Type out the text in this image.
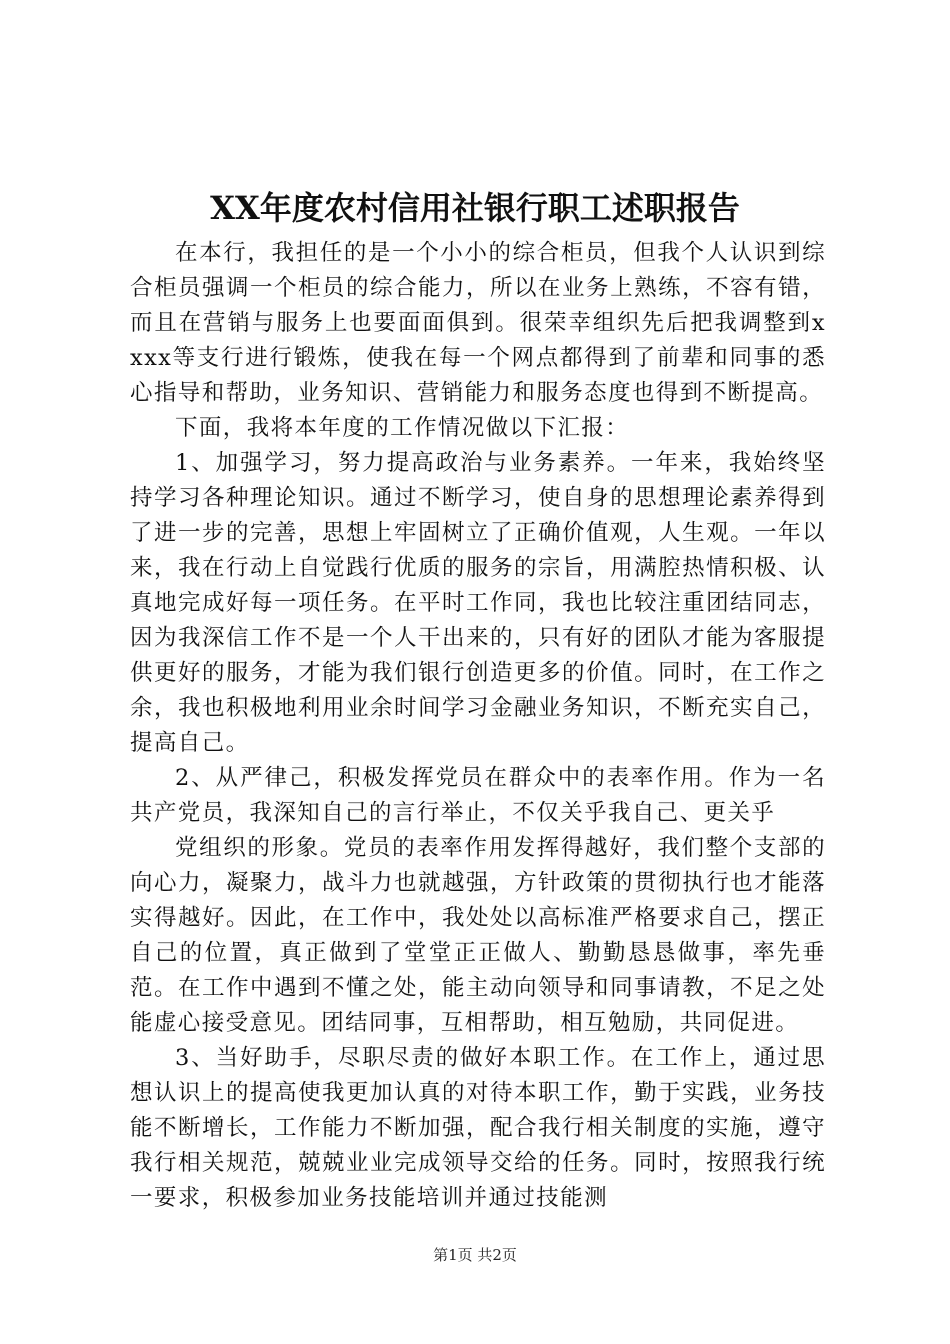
XX年度农村信用社银行职工述职报告

在本行，我担任的是一个小小的综合柜员，但我个人认识到综合柜员强调一个柜员的综合能力，所以在业务上熟练，不容有错，而且在营销与服务上也要面面俱到。很荣幸组织先后把我调整到xxxx等支行进行锻炼，使我在每一个网点都得到了前辈和同事的悉心指导和帮助，业务知识、营销能力和服务态度也得到不断提高。

下面，我将本年度的工作情况做以下汇报：

1、加强学习，努力提高政治与业务素养。一年来，我始终坚持学习各种理论知识。通过不断学习，使自身的思想理论素养得到了进一步的完善，思想上牢固树立了正确价值观，人生观。一年以来，我在行动上自觉践行优质的服务的宗旨，用满腔热情积极、认真地完成好每一项任务。在平时工作同，我也比较注重团结同志，因为我深信工作不是一个人干出来的，只有好的团队才能为客服提供更好的服务，才能为我们银行创造更多的价值。同时，在工作之余，我也积极地利用业余时间学习金融业务知识，不断充实自己，提高自己。

2、从严律己，积极发挥党员在群众中的表率作用。作为一名共产党员，我深知自己的言行举止，不仅关乎我自己、更关乎

党组织的形象。党员的表率作用发挥得越好，我们整个支部的向心力，凝聚力，战斗力也就越强，方针政策的贯彻执行也才能落实得越好。因此，在工作中，我处处以高标准严格要求自己，摆正自己的位置，真正做到了堂堂正正做人、勤勤恳恳做事，率先垂范。在工作中遇到不懂之处，能主动向领导和同事请教，不足之处能虚心接受意见。团结同事，互相帮助，相互勉励，共同促进。

3、当好助手，尽职尽责的做好本职工作。在工作上，通过思想认识上的提高使我更加认真的对待本职工作，勤于实践，业务技能不断增长，工作能力不断加强，配合我行相关制度的实施，遵守我行相关规范，兢兢业业完成领导交给的任务。同时，按照我行统一要求，积极参加业务技能培训并通过技能测

第1页 共2页
